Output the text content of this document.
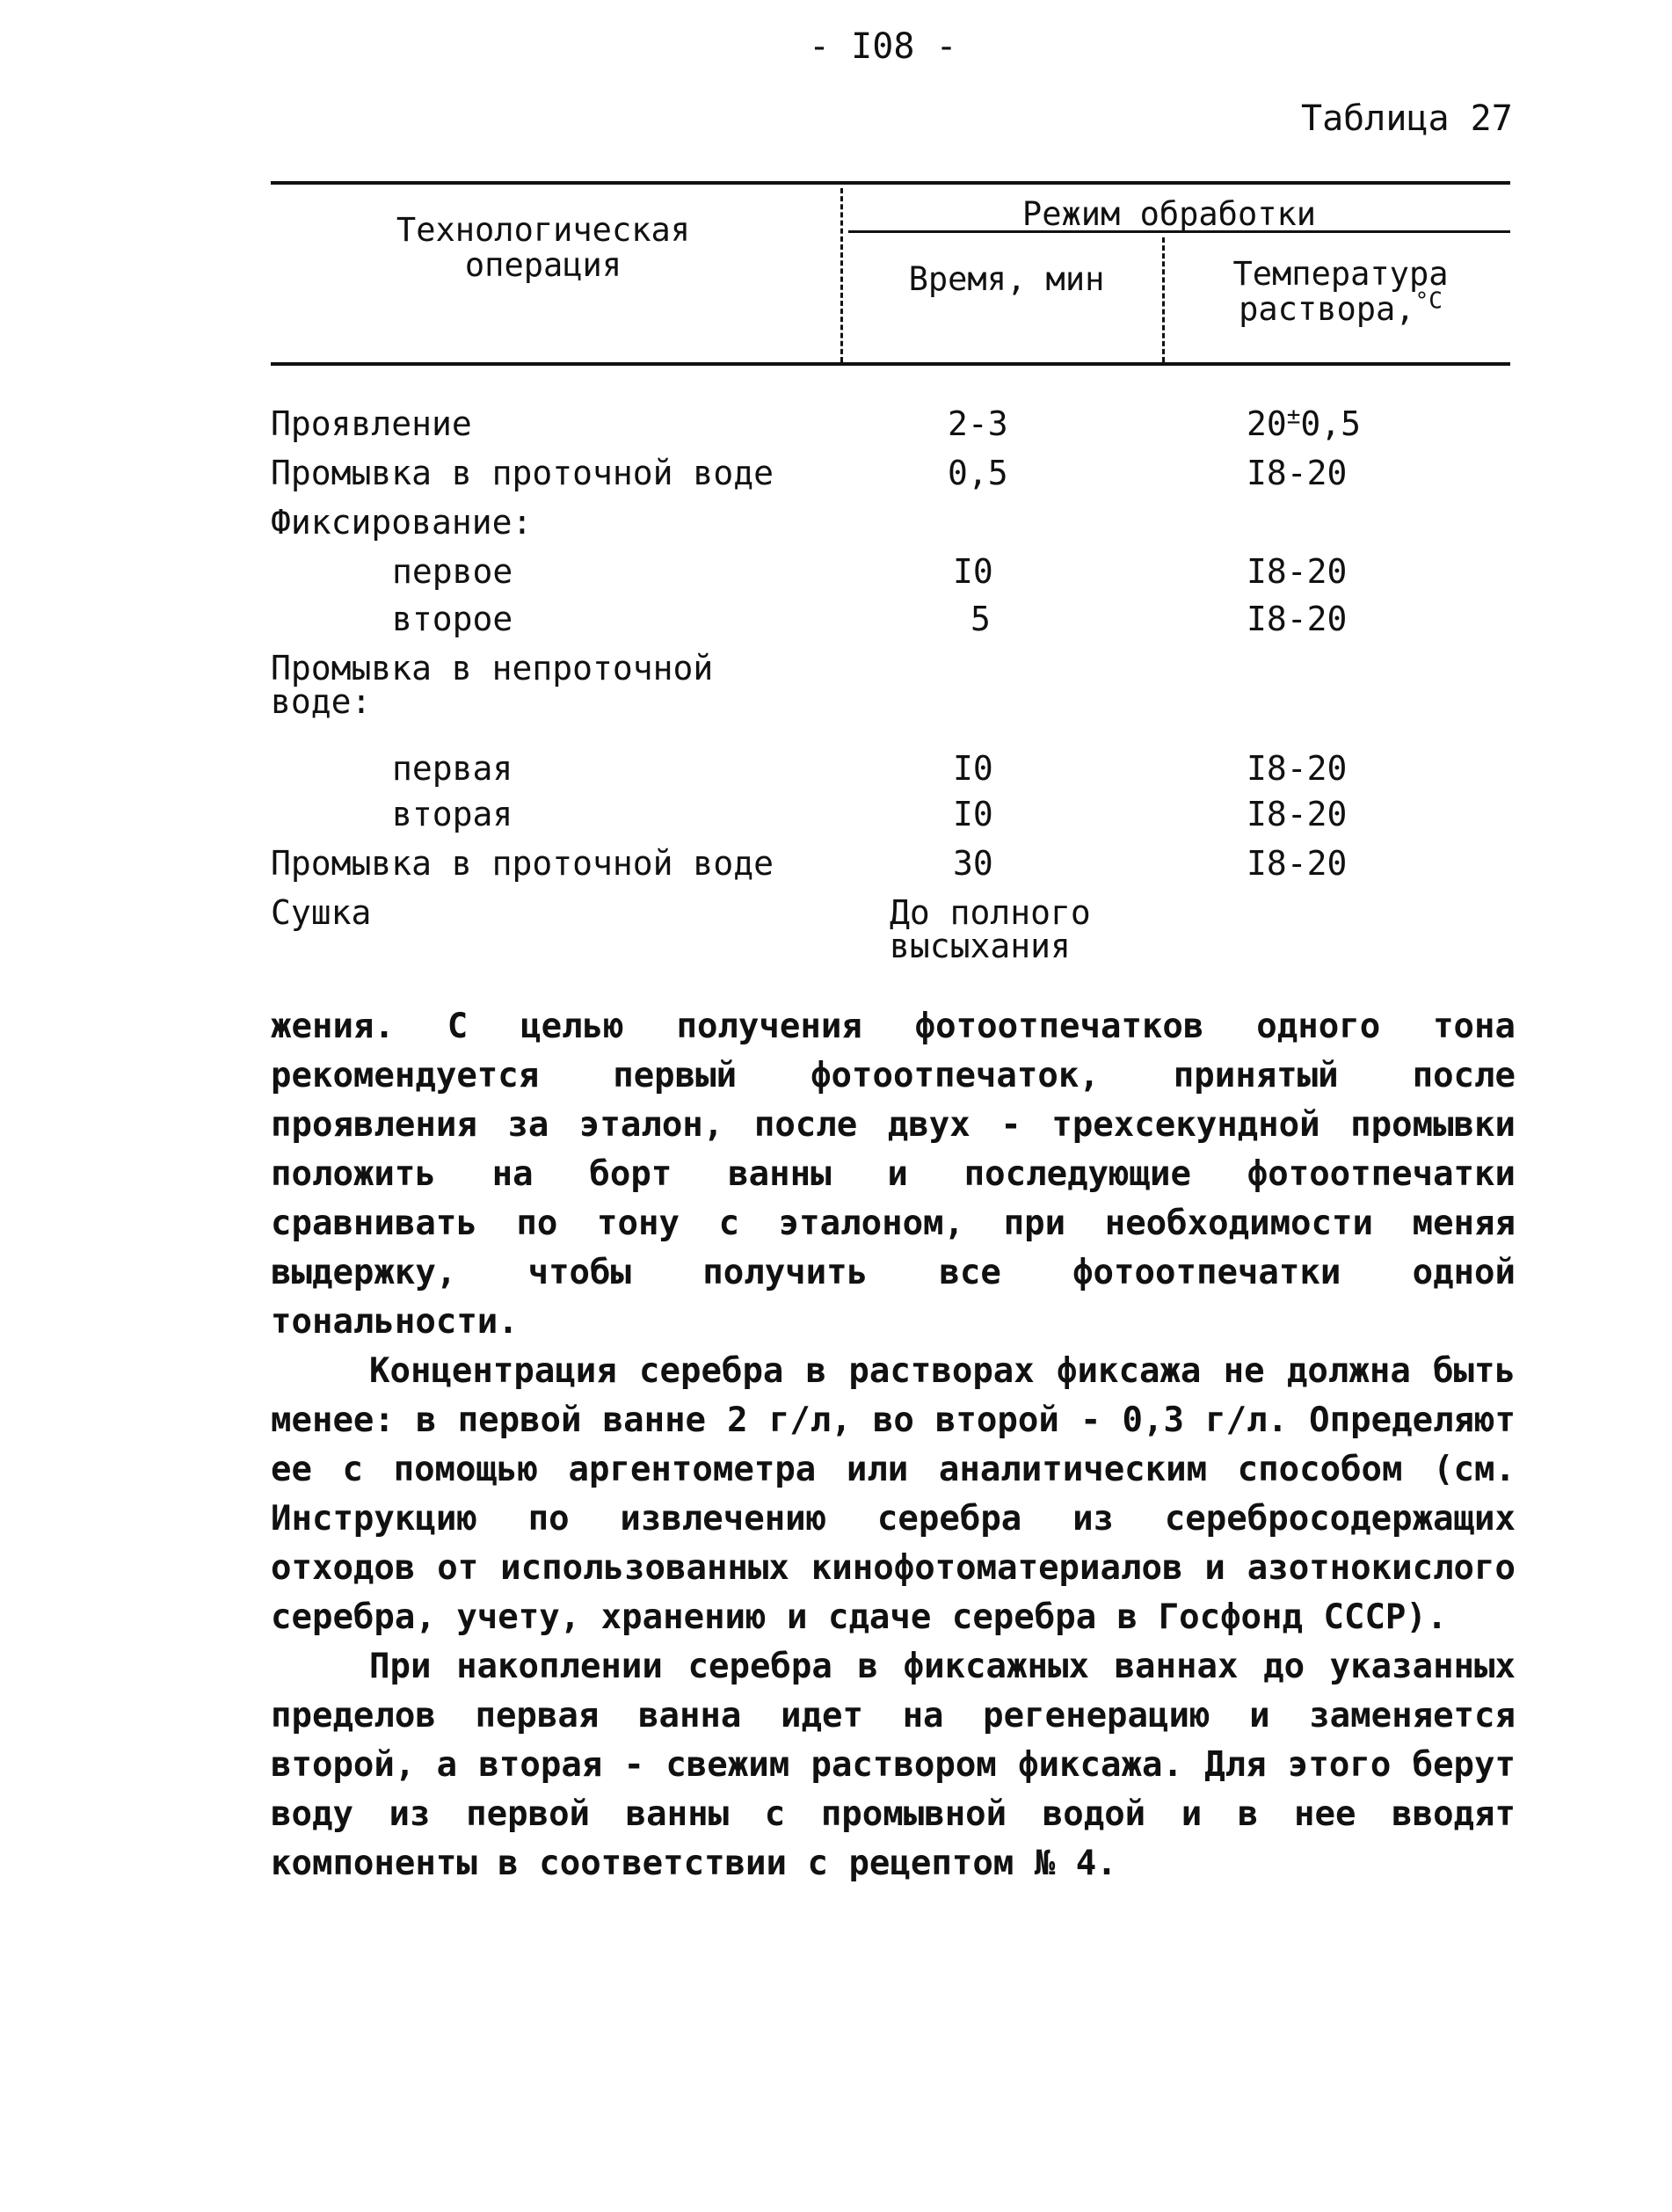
- I08 -
Таблица 27
Технологическая операция
Режим обработки
Время, мин	Температура раствора,$^{^\circ C}$
Проявление	2-3	20±0,5
Промывка в проточной воде	0,5	I8-20
Фиксирование:
первое	I0	I8-20
второе	5	I8-20
Промывка в непроточной
воде:
первая	I0	I8-20
вторая	I0	I8-20
Промывка в проточной воде	30	I8-20
Сушка	До полного
высыхания

жения. С целью получения фотоотпечатков одного тона рекомендуется первый фотоотпечаток, принятый после проявления за эталон, после двух - трехсекундной промывки положить на борт ванны и последующие фотоотпечатки сравнивать по тону с эталоном, при необходимости меняя выдержку, чтобы получить все фотоотпечатки одной тональности.

Концентрация серебра в растворах фиксажа не должна быть менее: в первой ванне 2 г/л, во второй - 0,3 г/л. Определяют ее с помощью аргентометра или аналитическим способом (см. Инструкцию по извлечению серебра из серебросодержащих отходов от использованных кинофотоматериалов и азотнокислого серебра, учету, хранению и сдаче серебра в Госфонд СССР).

При накоплении серебра в фиксажных ваннах до указанных пределов первая ванна идет на регенерацию и заменяется второй, а вторая - свежим раствором фиксажа. Для этого берут воду из первой ванны с промывной водой и в нее вводят компоненты в соответствии с рецептом № 4.
